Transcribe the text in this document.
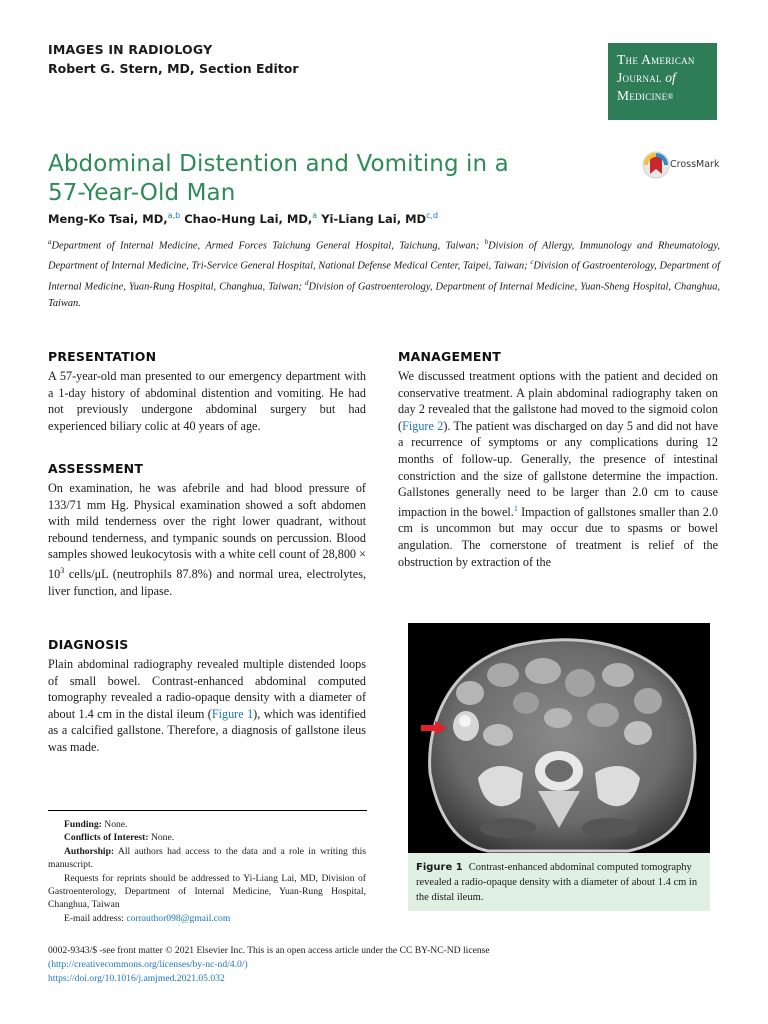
IMAGES IN RADIOLOGY
Robert G. Stern, MD, Section Editor
The American
Journal of
Medicine®
Abdominal Distention and Vomiting in a
57-Year-Old Man
CrossMark
Meng-Ko Tsai, MD,$^{a,b}$ Chao-Hung Lai, MD,$^a$ Yi-Liang Lai, MD$^{c,d}$
$^a$Department of Internal Medicine, Armed Forces Taichung General Hospital, Taichung, Taiwan; $^b$Division of Allergy, Immunology and Rheumatology, Department of Internal Medicine, Tri-Service General Hospital, National Defense Medical Center, Taipei, Taiwan; $^c$Division of Gastroenterology, Department of Internal Medicine, Yuan-Rung Hospital, Changhua, Taiwan; $^d$Division of Gastroenterology, Department of Internal Medicine, Yuan-Sheng Hospital, Changhua, Taiwan.
PRESENTATION

A 57-year-old man presented to our emergency department with a 1-day history of abdominal distention and vomiting. He had not previously undergone abdominal surgery but had experienced biliary colic at 40 years of age.

ASSESSMENT

On examination, he was afebrile and had blood pressure of 133/71 mm Hg. Physical examination showed a soft abdomen with mild tenderness over the right lower quadrant, without rebound tenderness, and tympanic sounds on percussion. Blood samples showed leukocytosis with a white cell count of $28,800 \times 10^3$ cells/μL (neutrophils 87.8%) and normal urea, electrolytes, liver function, and lipase.

DIAGNOSIS

Plain abdominal radiography revealed multiple distended loops of small bowel. Contrast-enhanced abdominal computed tomography revealed a radio-opaque density with a diameter of about 1.4 cm in the distal ileum (Figure 1), which was identified as a calcified gallstone. Therefore, a diagnosis of gallstone ileus was made.

MANAGEMENT

We discussed treatment options with the patient and decided on conservative treatment. A plain abdominal radiography taken on day 2 revealed that the gallstone had moved to the sigmoid colon (Figure 2). The patient was discharged on day 5 and did not have a recurrence of symptoms or any complications during 12 months of follow-up. Generally, the presence of intestinal constriction and the size of gallstone determine the impaction. Gallstones generally need to be larger than 2.0 cm to cause impaction in the bowel.$^1$ Impaction of gallstones smaller than 2.0 cm is uncommon but may occur due to spasms or bowel angulation. The cornerstone of treatment is relief of the obstruction by extraction of the

Figure 1 Contrast-enhanced abdominal computed tomography revealed a radio-opaque density with a diameter of about 1.4 cm in the distal ileum.

Funding: None.

Conflicts of Interest: None.

Authorship: All authors had access to the data and a role in writing this manuscript.

Requests for reprints should be addressed to Yi-Liang Lai, MD, Division of Gastroenterology, Department of Internal Medicine, Yuan-Rung Hospital, Changhua, Taiwan

E-mail address: corrauthor098@gmail.com

0002-9343/$ -see front matter © 2021 Elsevier Inc. This is an open access article under the CC BY-NC-ND license

(http://creativecommons.org/licenses/by-nc-nd/4.0/)

https://doi.org/10.1016/j.amjmed.2021.05.032
